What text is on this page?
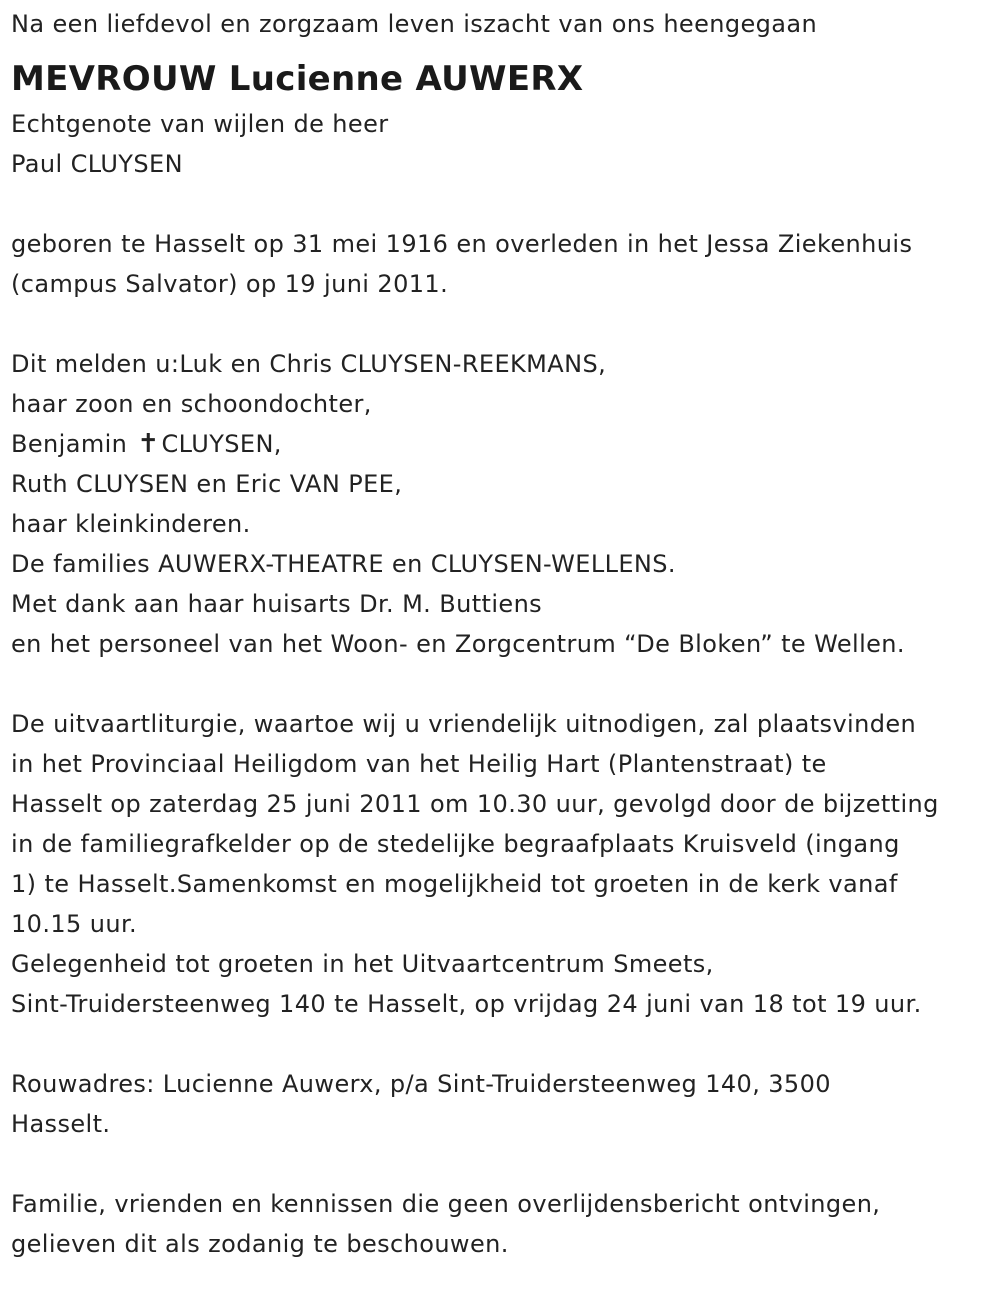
Na een liefdevol en zorgzaam leven iszacht van ons heengegaan
MEVROUW Lucienne AUWERX
Echtgenote van wijlen de heer
Paul CLUYSEN
geboren te Hasselt op 31 mei 1916 en overleden in het Jessa Ziekenhuis
(campus Salvator) op 19 juni 2011.
Dit melden u:Luk en Chris CLUYSEN-REEKMANS,
haar zoon en schoondochter,
Benjamin ✝CLUYSEN,
Ruth CLUYSEN en Eric VAN PEE,
haar kleinkinderen.
De families AUWERX-THEATRE en CLUYSEN-WELLENS.
Met dank aan haar huisarts Dr. M. Buttiens
en het personeel van het Woon- en Zorgcentrum “De Bloken” te Wellen.
De uitvaartliturgie, waartoe wij u vriendelijk uitnodigen, zal plaatsvinden
in het Provinciaal Heiligdom van het Heilig Hart (Plantenstraat) te
Hasselt op zaterdag 25 juni 2011 om 10.30 uur, gevolgd door de bijzetting
in de familiegrafkelder op de stedelijke begraafplaats Kruisveld (ingang
1) te Hasselt.Samenkomst en mogelijkheid tot groeten in de kerk vanaf
10.15 uur.
Gelegenheid tot groeten in het Uitvaartcentrum Smeets,
Sint-Truidersteenweg 140 te Hasselt, op vrijdag 24 juni van 18 tot 19 uur.
Rouwadres: Lucienne Auwerx, p/a Sint-Truidersteenweg 140, 3500
Hasselt.
Familie, vrienden en kennissen die geen overlijdensbericht ontvingen,
gelieven dit als zodanig te beschouwen.
